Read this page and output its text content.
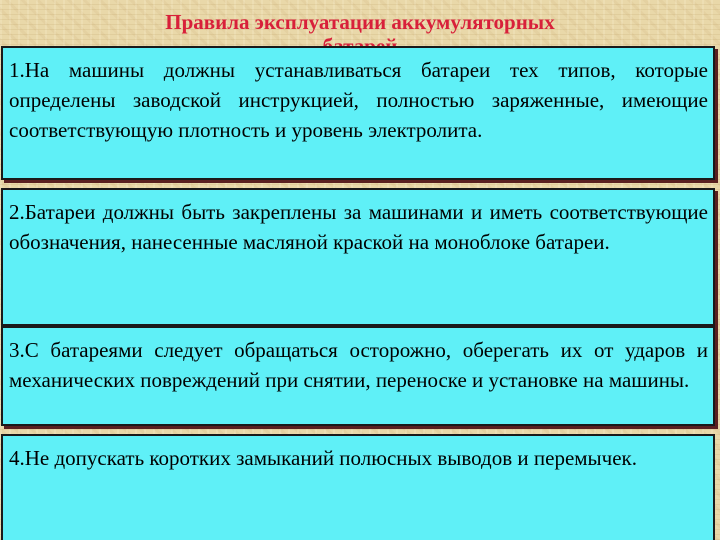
Правила эксплуатации аккумуляторных
1.На машины должны устанавливаться батареи тех типов, которые определены заводской инструкцией, полностью заряженные, имеющие соответствующую плотность и уровень электролита.
2.Батареи должны быть закреплены за машинами и иметь соответствующие обозначения, нанесенные масляной краской на моноблоке батареи.
3.С батареями следует обращаться осторожно, оберегать их от ударов и механических повреждений при снятии, переноске и установке на машины.
4.Не допускать коротких замыканий полюсных выводов и перемычек.
